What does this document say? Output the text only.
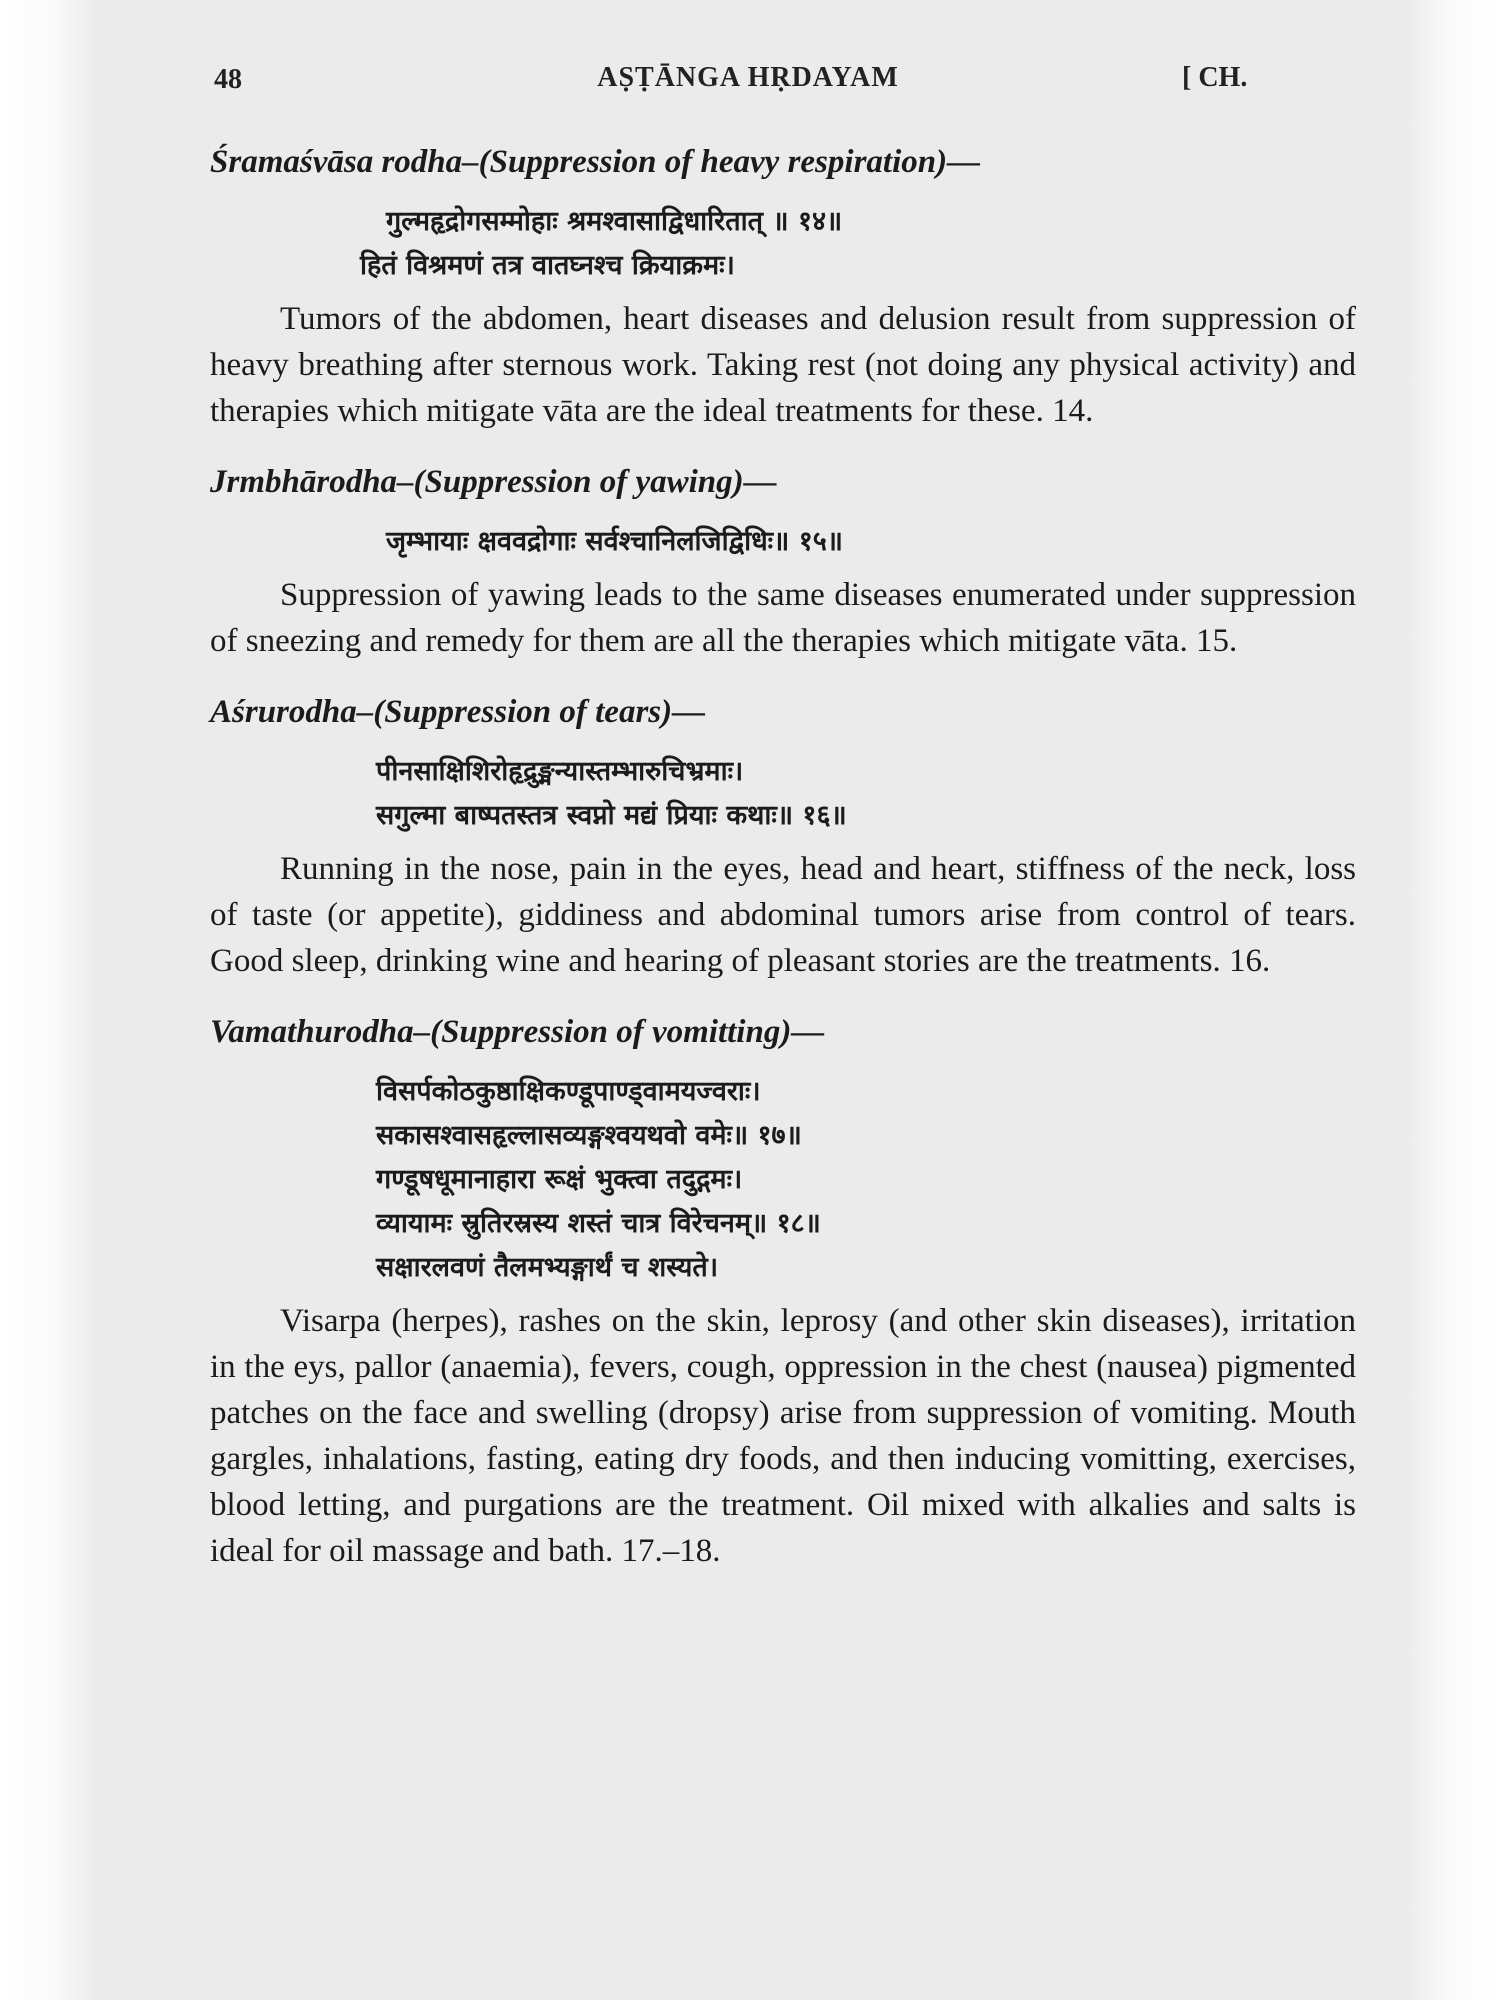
48	AṢṬĀNGA HṚDAYAM	[ CH.

Śramaśvāsa rodha–(Suppression of heavy respiration)—

गुल्महृद्रोगसम्मोहाः श्रमश्वासाद्विधारितात् ॥ १४॥

हितं विश्रमणं तत्र वातघ्नश्च क्रियाक्रमः।

Tumors of the abdomen, heart diseases and delusion result from suppression of heavy breathing after sternous work. Taking rest (not doing any physical activity) and therapies which mitigate vāta are the ideal treatments for these. 14.

Jrmbhārodha–(Suppression of yawing)—

जृम्भायाः क्षववद्रोगाः सर्वश्चानिलजिद्विधिः॥ १५॥

Suppression of yawing leads to the same diseases enumerated under suppression of sneezing and remedy for them are all the therapies which mitigate vāta. 15.

Aśrurodha–(Suppression of tears)—

पीनसाक्षिशिरोहृद्रुङ्मन्यास्तम्भारुचिभ्रमाः।

सगुल्मा बाष्पतस्तत्र स्वप्नो मद्यं प्रियाः कथाः॥ १६॥

Running in the nose, pain in the eyes, head and heart, stiffness of the neck, loss of taste (or appetite), giddiness and abdominal tumors arise from control of tears. Good sleep, drinking wine and hearing of pleasant stories are the treatments. 16.

Vamathurodha–(Suppression of vomitting)—

विसर्पकोठकुष्ठाक्षिकण्डूपाण्ड्वामयज्वराः।

सकासश्वासहृल्लासव्यङ्गश्वयथवो वमेः॥ १७॥

गण्डूषधूमानाहारा रूक्षं भुक्त्वा तदुद्गमः।

व्यायामः स्रुतिरस्रस्य शस्तं चात्र विरेचनम्॥ १८॥

सक्षारलवणं तैलमभ्यङ्गार्थं च शस्यते।

Visarpa (herpes), rashes on the skin, leprosy (and other skin diseases), irritation in the eys, pallor (anaemia), fevers, cough, oppression in the chest (nausea) pigmented patches on the face and swelling (dropsy) arise from suppression of vomiting. Mouth gargles, inhalations, fasting, eating dry foods, and then inducing vomitting, exercises, blood letting, and purgations are the treatment. Oil mixed with alkalies and salts is ideal for oil massage and bath. 17.–18.
